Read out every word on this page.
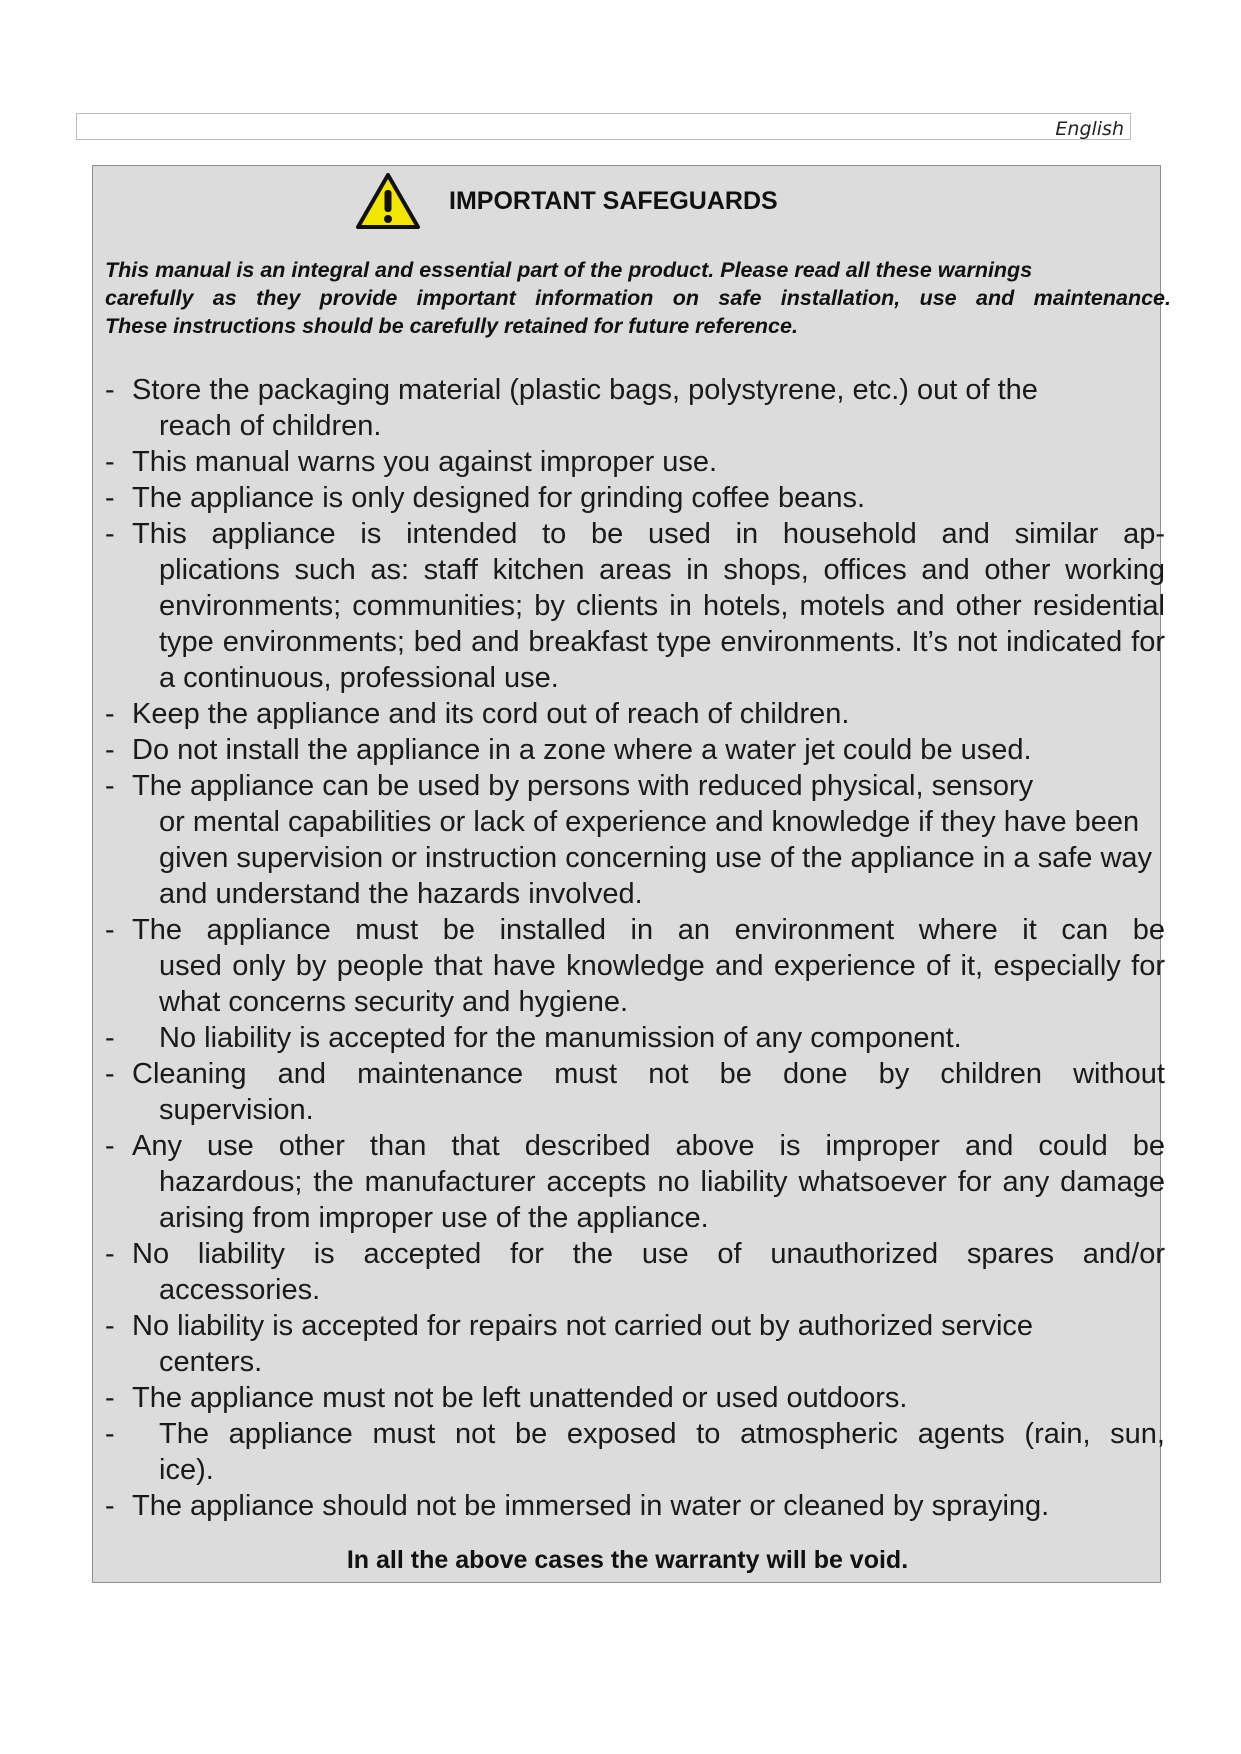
English
IMPORTANT SAFEGUARDS

This manual is an integral and essential part of the product. Please read all these warnings

carefully as they provide important information on safe installation, use and maintenance.

These instructions should be carefully retained for future reference.

- Store the packaging material (plastic bags, polystyrene, etc.) out of the
reach of children.
- This manual warns you against improper use.
- The appliance is only designed for grinding coffee beans.
- This appliance is intended to be used in household and similar ap-
plications such as: staff kitchen areas in shops, offices and other working environments; communities; by clients in hotels, motels and other residential type environments; bed and breakfast type environments. It’s not indicated for a continuous, professional use.
- Keep the appliance and its cord out of reach of children.
- Do not install the appliance in a zone where a water jet could be used.
- The appliance can be used by persons with reduced physical, sensory
or mental capabilities or lack of experience and knowledge if they have been given supervision or instruction concerning use of the appliance in a safe way and understand the hazards involved.
- The appliance must be installed in an environment where it can be
used only by people that have knowledge and experience of it, especially for what concerns security and hygiene.
-	No liability is accepted for the manumission of any component.
- Cleaning and maintenance must not be done by children without
supervision.
- Any use other than that described above is improper and could be
hazardous; the manufacturer accepts no liability whatsoever for any damage arising from improper use of the appliance.
- No liability is accepted for the use of unauthorized spares and/or
accessories.
- No liability is accepted for repairs not carried out by authorized service
centers.
- The appliance must not be left unattended or used outdoors.
-	The appliance must not be exposed to atmospheric agents (rain, sun,
ice).
- The appliance should not be immersed in water or cleaned by spraying.
In all the above cases the warranty will be void.
